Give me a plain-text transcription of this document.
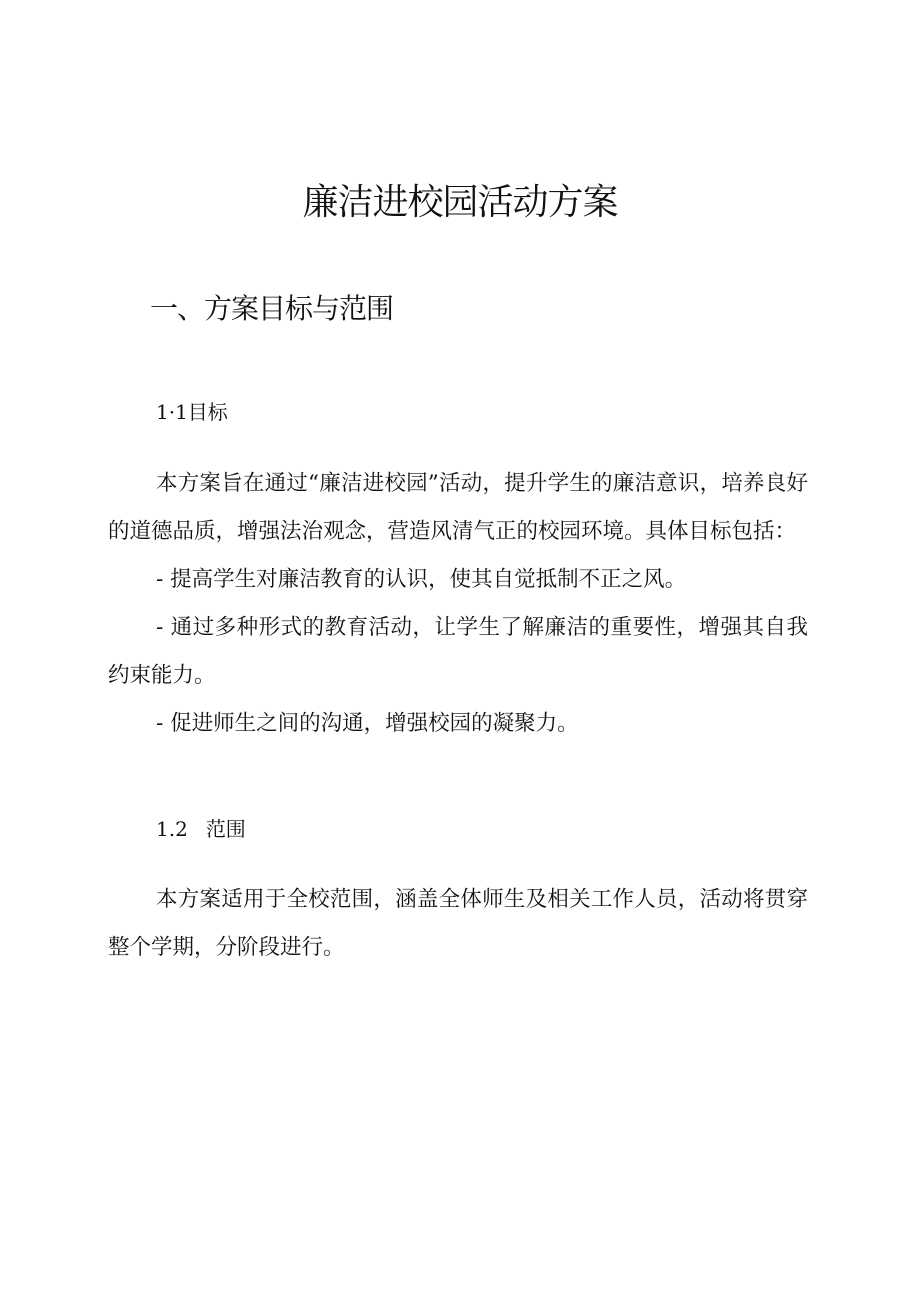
廉洁进校园活动方案
一、方案目标与范围
1·1目标

本方案旨在通过“廉洁进校园”活动，提升学生的廉洁意识，培养良好的道德品质，增强法治观念，营造风清气正的校园环境。具体目标包括：

- 提高学生对廉洁教育的认识，使其自觉抵制不正之风。

- 通过多种形式的教育活动，让学生了解廉洁的重要性，增强其自我约束能力。

- 促进师生之间的沟通，增强校园的凝聚力。

1.2 范围

本方案适用于全校范围，涵盖全体师生及相关工作人员，活动将贯穿整个学期，分阶段进行。
